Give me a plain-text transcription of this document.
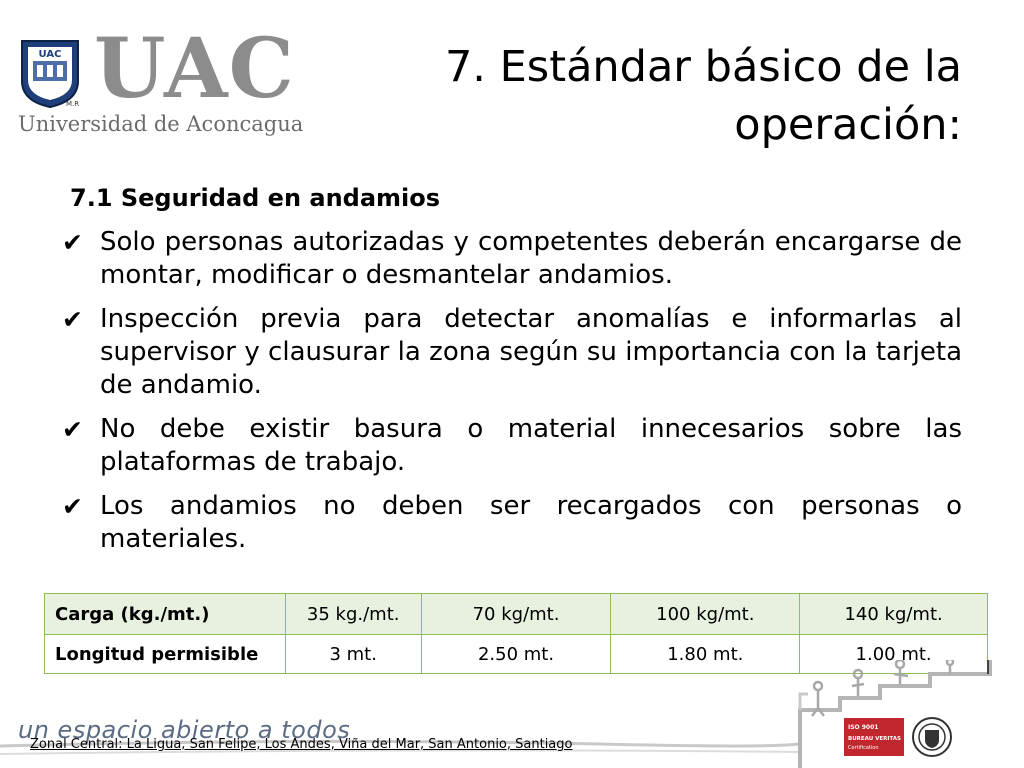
UAC
M.R UAC
Universidad de Aconcagua
7. Estándar básico de la
operación:
7.1 Seguridad en andamios
✔ Solo personas autorizadas y competentes deberán encargarse de montar, modificar o desmantelar andamios.
✔ Inspección previa para detectar anomalías e informarlas al supervisor y clausurar la zona según su importancia con la tarjeta de andamio.
✔ No debe existir basura o material innecesarios sobre las plataformas de trabajo.
✔ Los andamios no deben ser recargados con personas o materiales.
Carga (kg./mt.)	35 kg./mt.	70 kg/mt.	100 kg/mt.	140 kg/mt.
Longitud permisible	3 mt.	2.50 mt.	1.80 mt.	1.00 mt.
un espacio abierto a todos
Zonal Central: La Ligua, San Felipe, Los Andes, Viña del Mar, San Antonio, Santiago
ISO 9001
BUREAU VERITAS
Certification
